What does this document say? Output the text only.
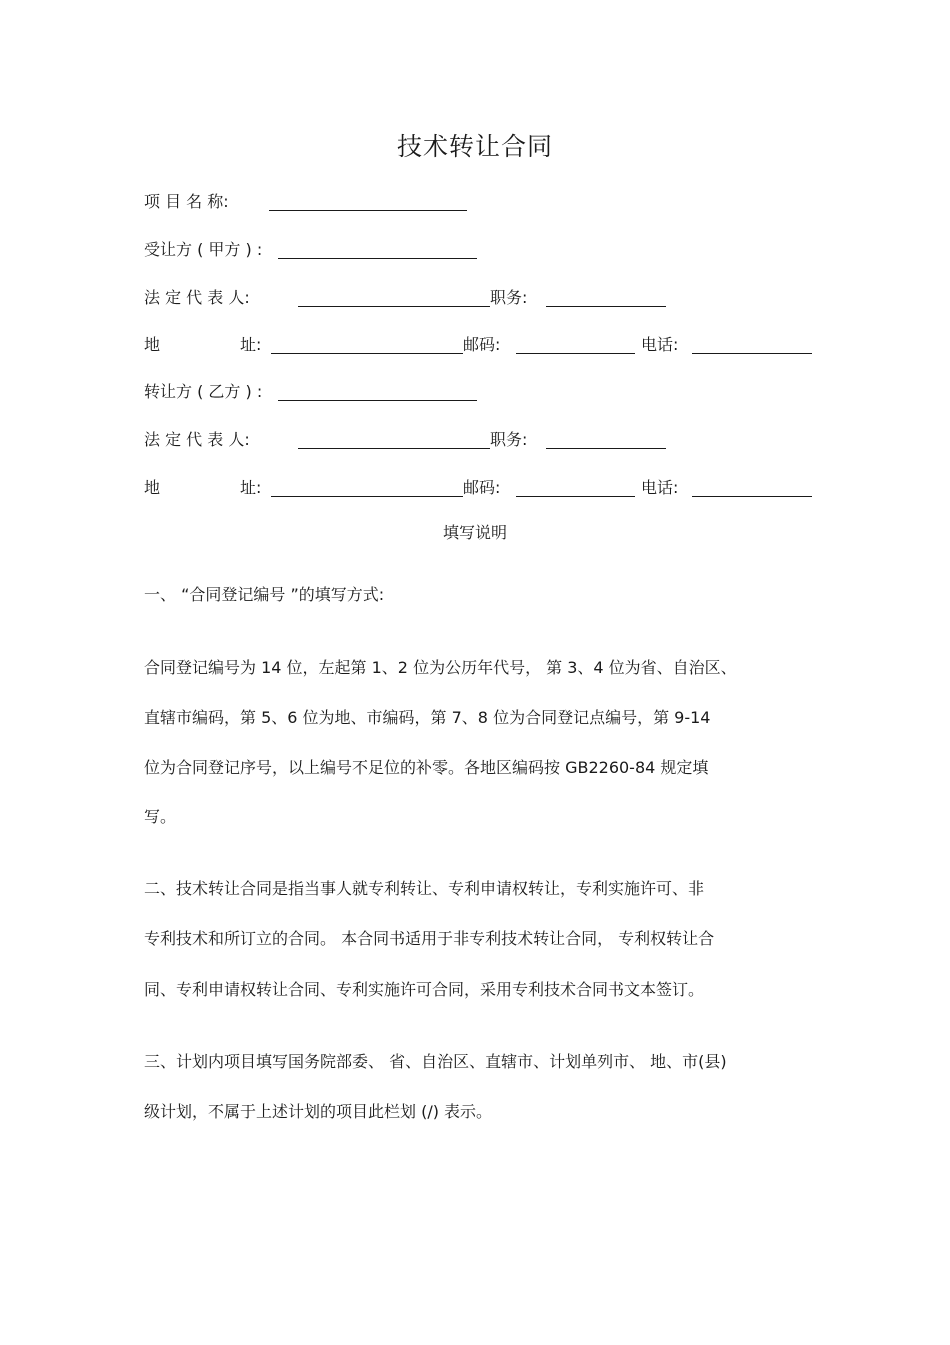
技术转让合同
项 目 名 称:
受让方 ( 甲方 ) :
法 定 代 表 人:	职务:
地	址:	邮码:	电话:
转让方 ( 乙方 ) :
法 定 代 表 人:	职务:
地	址:	邮码:	电话:
填写说明
一、 “合同登记编号 ”的填写方式:
合同登记编号为 14 位，左起第 1、2 位为公历年代号， 第 3、4 位为省、自治区、
直辖市编码，第 5、6 位为地、市编码，第 7、8 位为合同登记点编号，第 9-14
位为合同登记序号，以上编号不足位的补零。各地区编码按 GB2260-84 规定填
写。
二、技术转让合同是指当事人就专利转让、专利申请权转让，专利实施许可、非
专利技术和所订立的合同。 本合同书适用于非专利技术转让合同， 专利权转让合
同、专利申请权转让合同、专利实施许可合同，采用专利技术合同书文本签订。
三、计划内项目填写国务院部委、 省、自治区、直辖市、计划单列市、 地、市(县)
级计划，不属于上述计划的项目此栏划 (/) 表示。
